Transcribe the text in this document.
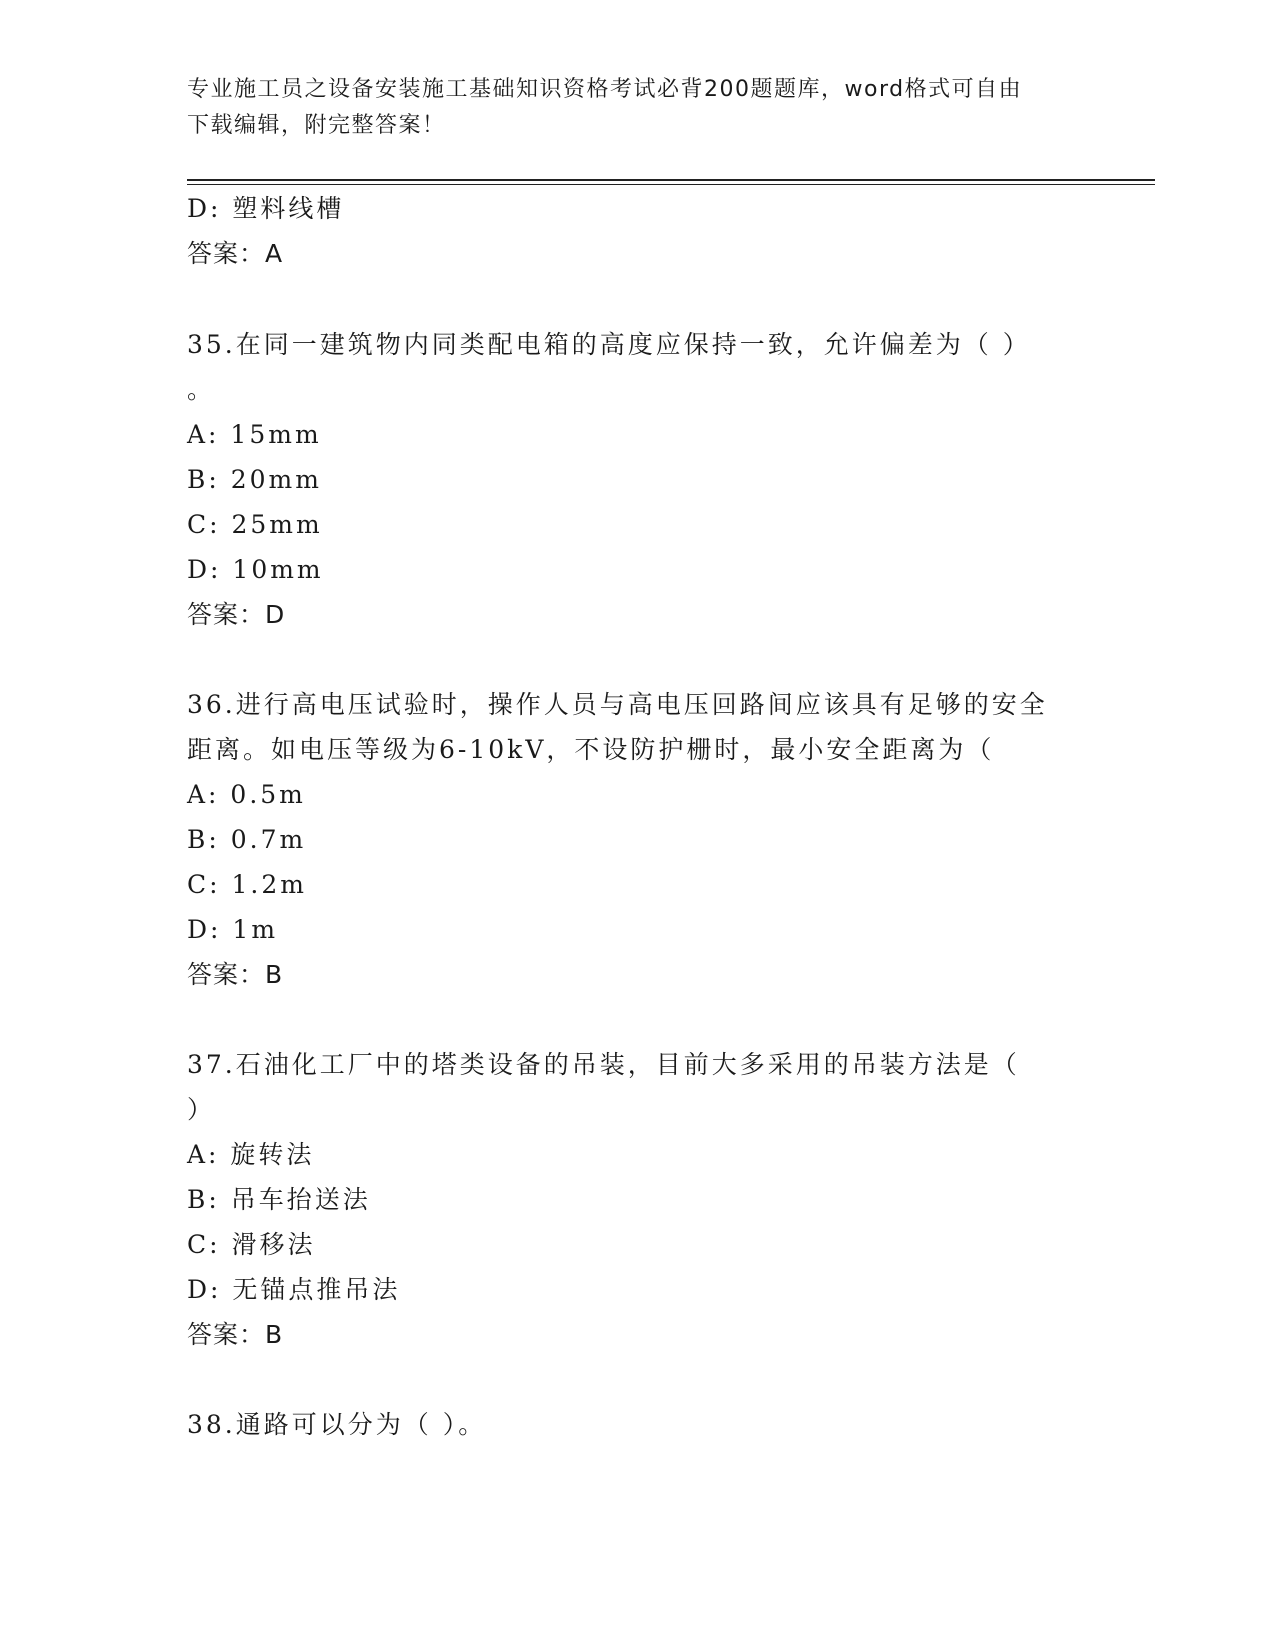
专业施工员之设备安装施工基础知识资格考试必背200题题库，word格式可自由
下载编辑，附完整答案！
D: 塑料线槽
答案：A
35.在同一建筑物内同类配电箱的高度应保持一致，允许偏差为（ ）
。
A: 15mm
B: 20mm
C: 25mm
D: 10mm
答案：D
36.进行高电压试验时，操作人员与高电压回路间应该具有足够的安全
距离。如电压等级为6-10kV，不设防护栅时，最小安全距离为（
A: 0.5m
B: 0.7m
C: 1.2m
D: 1m
答案：B
37.石油化工厂中的塔类设备的吊装，目前大多采用的吊装方法是（
）
A: 旋转法
B: 吊车抬送法
C: 滑移法
D: 无锚点推吊法
答案：B
38.通路可以分为（ ）。
